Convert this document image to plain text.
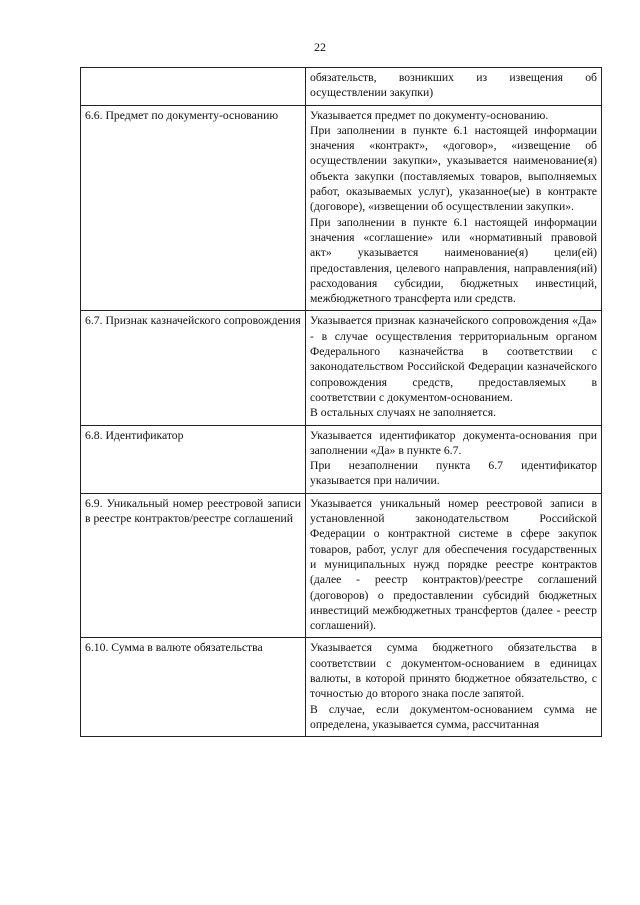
22

	обязательств, возникших из извещения об осуществлении закупки)

6.6. Предмет по документу-основанию	Указывается предмет по документу-основанию.

При заполнении в пункте 6.1 настоящей информации значения «контракт», «договор», «извещение об осуществлении закупки», указывается наименование(я) объекта закупки (поставляемых товаров, выполняемых работ, оказываемых услуг), указанное(ые) в контракте (договоре), «извещении об осуществлении закупки».

При заполнении в пункте 6.1 настоящей информации значения «соглашение» или «нормативный правовой акт» указывается наименование(я) цели(ей) предоставления, целевого направления, направления(ий) расходования субсидии, бюджетных инвестиций, межбюджетного трансферта или средств.

6.7. Признак казначейского сопровождения	Указывается признак казначейского сопровождения «Да» - в случае осуществления территориальным органом Федерального казначейства в соответствии с законодательством Российской Федерации казначейского сопровождения средств, предоставляемых в соответствии с документом-основанием.

В остальных случаях не заполняется.

6.8. Идентификатор	Указывается идентификатор документа-основания при заполнении «Да» в пункте 6.7.

При незаполнении пункта 6.7 идентификатор указывается при наличии.

6.9. Уникальный номер реестровой записи в реестре контрактов/реестре соглашений	Указывается уникальный номер реестровой записи в установленной законодательством Российской Федерации о контрактной системе в сфере закупок товаров, работ, услуг для обеспечения государственных и муниципальных нужд порядке реестре контрактов (далее - реестр контрактов)/реестре соглашений (договоров) о предоставлении субсидий бюджетных инвестиций межбюджетных трансфертов (далее - реестр соглашений).

6.10. Сумма в валюте обязательства	Указывается сумма бюджетного обязательства в соответствии с документом-основанием в единицах валюты, в которой принято бюджетное обязательство, с точностью до второго знака после запятой.

В случае, если документом-основанием сумма не определена, указывается сумма, рассчитанная
